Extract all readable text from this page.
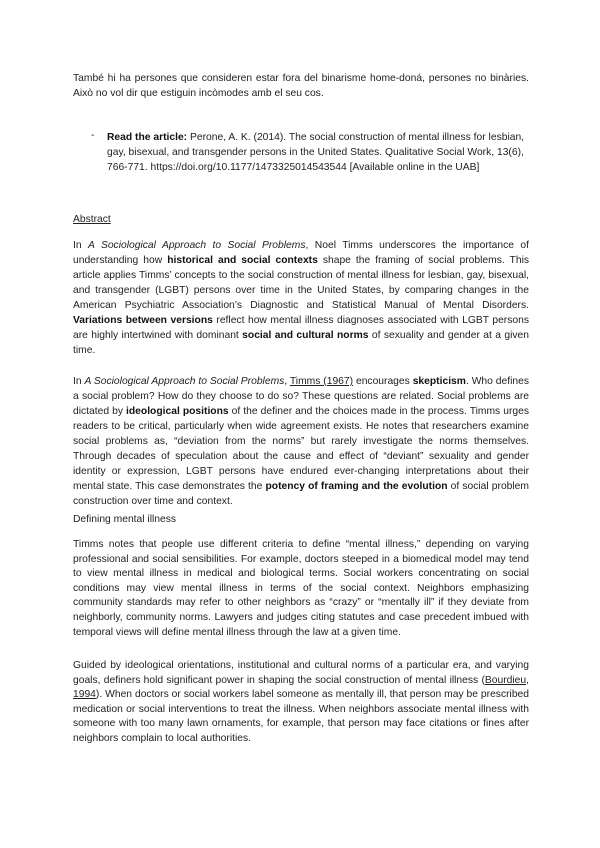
També hi ha persones que consideren estar fora del binarisme home-doná, persones no binàries. Això no vol dir que estiguin incòmodes amb el seu cos.

-	Read the article: Perone, A. K. (2014). The social construction of mental illness for lesbian, gay, bisexual, and transgender persons in the United States. Qualitative Social Work, 13(6), 766-771. https://doi.org/10.1177/1473325014543544 [Available online in the UAB]

Abstract

In A Sociological Approach to Social Problems, Noel Timms underscores the importance of understanding how historical and social contexts shape the framing of social problems. This article applies Timms’ concepts to the social construction of mental illness for lesbian, gay, bisexual, and transgender (LGBT) persons over time in the United States, by comparing changes in the American Psychiatric Association’s Diagnostic and Statistical Manual of Mental Disorders. Variations between versions reflect how mental illness diagnoses associated with LGBT persons are highly intertwined with dominant social and cultural norms of sexuality and gender at a given time.

In A Sociological Approach to Social Problems, Timms (1967) encourages skepticism. Who defines a social problem? How do they choose to do so? These questions are related. Social problems are dictated by ideological positions of the definer and the choices made in the process. Timms urges readers to be critical, particularly when wide agreement exists. He notes that researchers examine social problems as, “deviation from the norms” but rarely investigate the norms themselves. Through decades of speculation about the cause and effect of “deviant” sexuality and gender identity or expression, LGBT persons have endured ever-changing interpretations about their mental state. This case demonstrates the potency of framing and the evolution of social problem construction over time and context.

Defining mental illness

Timms notes that people use different criteria to define “mental illness,” depending on varying professional and social sensibilities. For example, doctors steeped in a biomedical model may tend to view mental illness in medical and biological terms. Social workers concentrating on social conditions may view mental illness in terms of the social context. Neighbors emphasizing community standards may refer to other neighbors as “crazy” or “mentally ill” if they deviate from neighborly, community norms. Lawyers and judges citing statutes and case precedent imbued with temporal views will define mental illness through the law at a given time.

Guided by ideological orientations, institutional and cultural norms of a particular era, and varying goals, definers hold significant power in shaping the social construction of mental illness (Bourdieu, 1994). When doctors or social workers label someone as mentally ill, that person may be prescribed medication or social interventions to treat the illness. When neighbors associate mental illness with someone with too many lawn ornaments, for example, that person may face citations or fines after neighbors complain to local authorities.
